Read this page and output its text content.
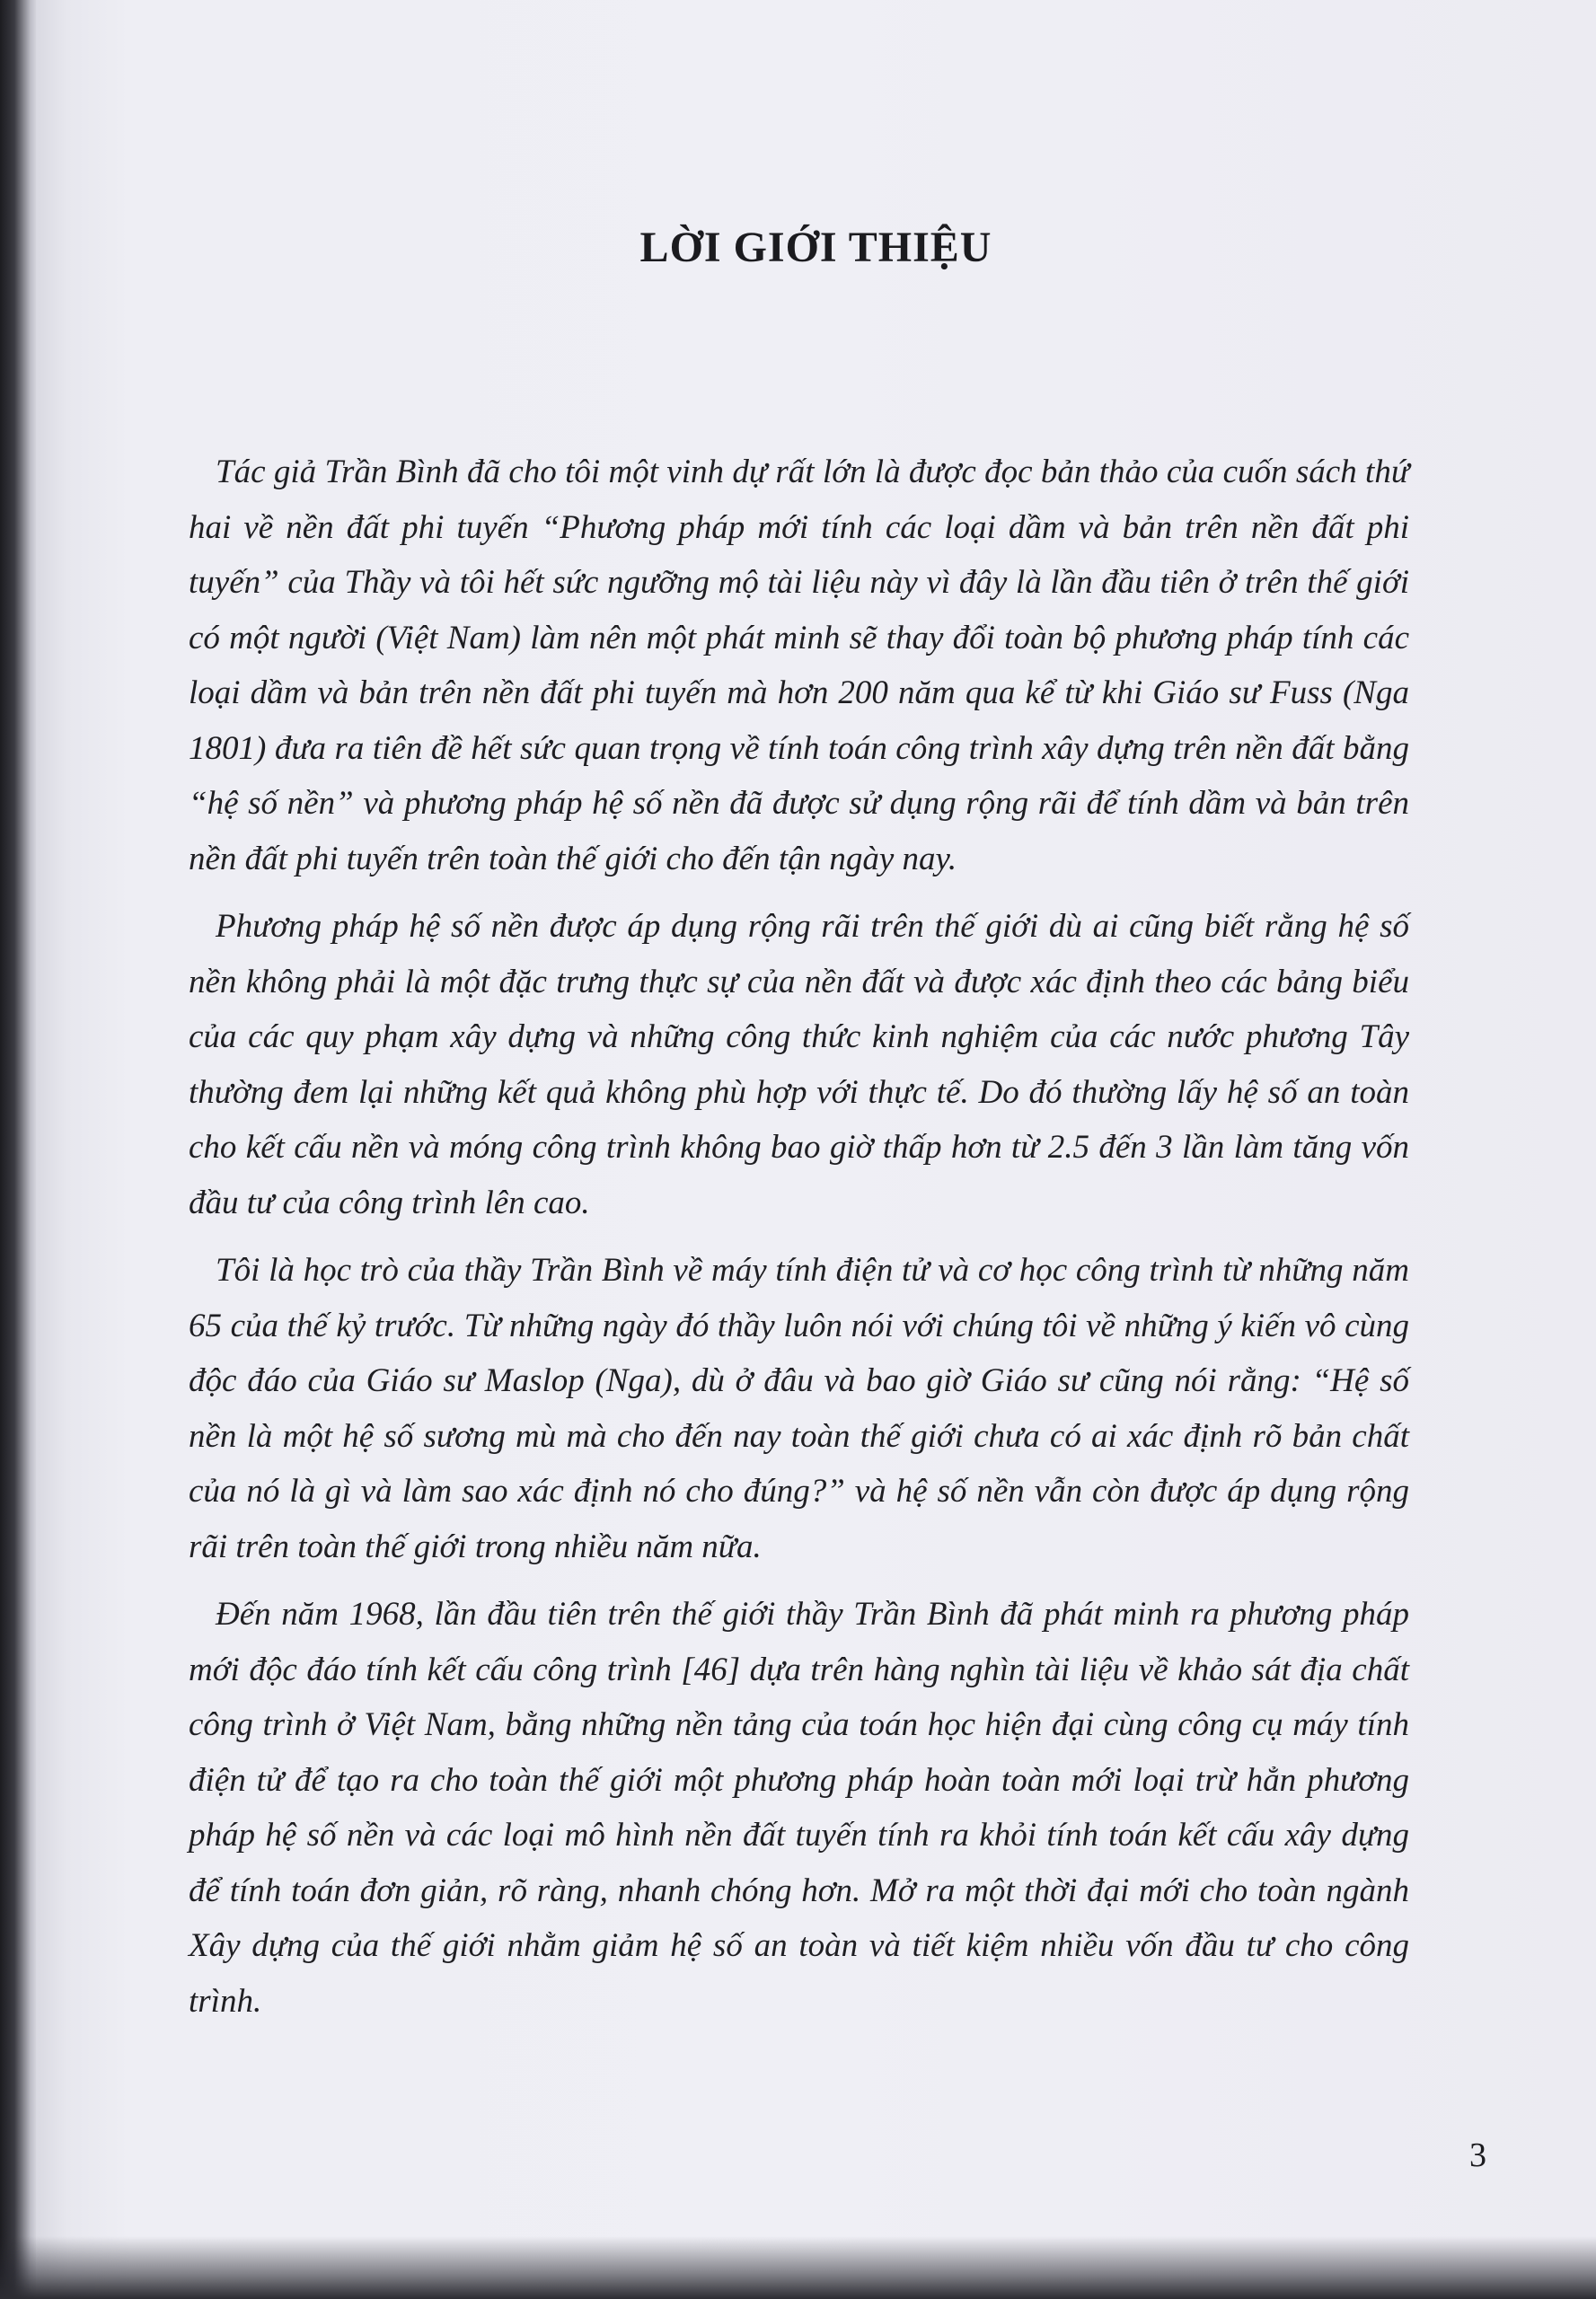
LỜI GIỚI THIỆU

Tác giả Trần Bình đã cho tôi một vinh dự rất lớn là được đọc bản thảo của cuốn sách thứ hai về nền đất phi tuyến “Phương pháp mới tính các loại dầm và bản trên nền đất phi tuyến” của Thầy và tôi hết sức ngưỡng mộ tài liệu này vì đây là lần đầu tiên ở trên thế giới có một người (Việt Nam) làm nên một phát minh sẽ thay đổi toàn bộ phương pháp tính các loại dầm và bản trên nền đất phi tuyến mà hơn 200 năm qua kể từ khi Giáo sư Fuss (Nga 1801) đưa ra tiên đề hết sức quan trọng về tính toán công trình xây dựng trên nền đất bằng “hệ số nền” và phương pháp hệ số nền đã được sử dụng rộng rãi để tính dầm và bản trên nền đất phi tuyến trên toàn thế giới cho đến tận ngày nay.

Phương pháp hệ số nền được áp dụng rộng rãi trên thế giới dù ai cũng biết rằng hệ số nền không phải là một đặc trưng thực sự của nền đất và được xác định theo các bảng biểu của các quy phạm xây dựng và những công thức kinh nghiệm của các nước phương Tây thường đem lại những kết quả không phù hợp với thực tế. Do đó thường lấy hệ số an toàn cho kết cấu nền và móng công trình không bao giờ thấp hơn từ 2.5 đến 3 lần làm tăng vốn đầu tư của công trình lên cao.

Tôi là học trò của thầy Trần Bình về máy tính điện tử và cơ học công trình từ những năm 65 của thế kỷ trước. Từ những ngày đó thầy luôn nói với chúng tôi về những ý kiến vô cùng độc đáo của Giáo sư Maslop (Nga), dù ở đâu và bao giờ Giáo sư cũng nói rằng: “Hệ số nền là một hệ số sương mù mà cho đến nay toàn thế giới chưa có ai xác định rõ bản chất của nó là gì và làm sao xác định nó cho đúng?” và hệ số nền vẫn còn được áp dụng rộng rãi trên toàn thế giới trong nhiều năm nữa.

Đến năm 1968, lần đầu tiên trên thế giới thầy Trần Bình đã phát minh ra phương pháp mới độc đáo tính kết cấu công trình [46] dựa trên hàng nghìn tài liệu về khảo sát địa chất công trình ở Việt Nam, bằng những nền tảng của toán học hiện đại cùng công cụ máy tính điện tử để tạo ra cho toàn thế giới một phương pháp hoàn toàn mới loại trừ hẳn phương pháp hệ số nền và các loại mô hình nền đất tuyến tính ra khỏi tính toán kết cấu xây dựng để tính toán đơn giản, rõ ràng, nhanh chóng hơn. Mở ra một thời đại mới cho toàn ngành Xây dựng của thế giới nhằm giảm hệ số an toàn và tiết kiệm nhiều vốn đầu tư cho công trình.

3
